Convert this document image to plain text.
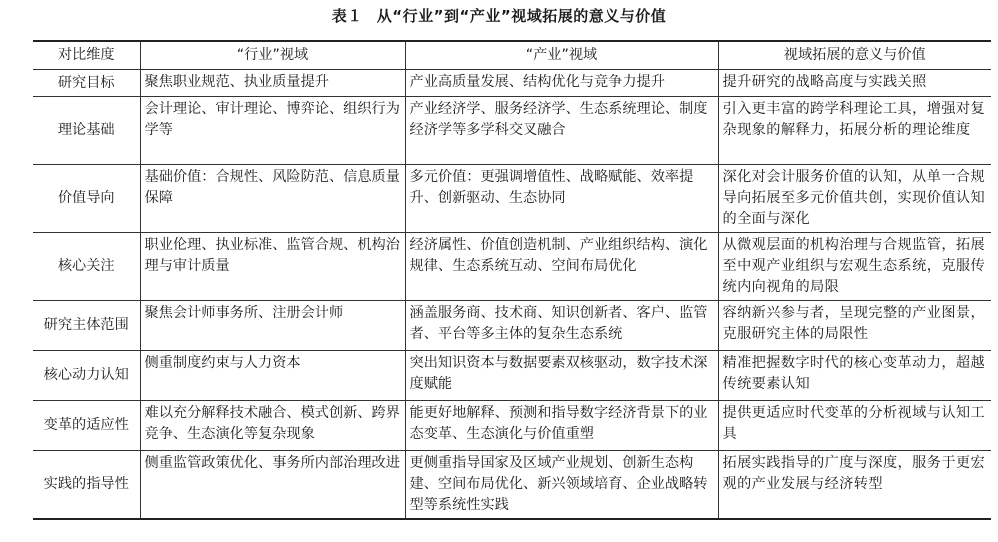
表１ 从“行业”到“产业”视域拓展的意义与价值
对比维度	“行业”视域	“产业”视域	视域拓展的意义与价值
研究目标	聚焦职业规范、执业质量提升	产业高质量发展、结构优化与竞争力提升	提升研究的战略高度与实践关照
理论基础	会计理论、审计理论、博弈论、组织行为学等	产业经济学、服务经济学、生态系统理论、制度经济学等多学科交叉融合	引入更丰富的跨学科理论工具，增强对复杂现象的解释力，拓展分析的理论维度
价值导向	基础价值：合规性、风险防范、信息质量保障	多元价值：更强调增值性、战略赋能、效率提升、创新驱动、生态协同	深化对会计服务价值的认知，从单一合规导向拓展至多元价值共创，实现价值认知的全面与深化
核心关注	职业伦理、执业标准、监管合规、机构治理与审计质量	经济属性、价值创造机制、产业组织结构、演化规律、生态系统互动、空间布局优化	从微观层面的机构治理与合规监管，拓展至中观产业组织与宏观生态系统，克服传统内向视角的局限
研究主体范围	聚焦会计师事务所、注册会计师	涵盖服务商、技术商、知识创新者、客户、监管者、平台等多主体的复杂生态系统	容纳新兴参与者，呈现完整的产业图景，克服研究主体的局限性
核心动力认知	侧重制度约束与人力资本	突出知识资本与数据要素双核驱动，数字技术深度赋能	精准把握数字时代的核心变革动力，超越传统要素认知
变革的适应性	难以充分解释技术融合、模式创新、跨界竞争、生态演化等复杂现象	能更好地解释、预测和指导数字经济背景下的业态变革、生态演化与价值重塑	提供更适应时代变革的分析视域与认知工具
实践的指导性	侧重监管政策优化、事务所内部治理改进	更侧重指导国家及区域产业规划、创新生态构建、空间布局优化、新兴领域培育、企业战略转型等系统性实践	拓展实践指导的广度与深度，服务于更宏观的产业发展与经济转型
